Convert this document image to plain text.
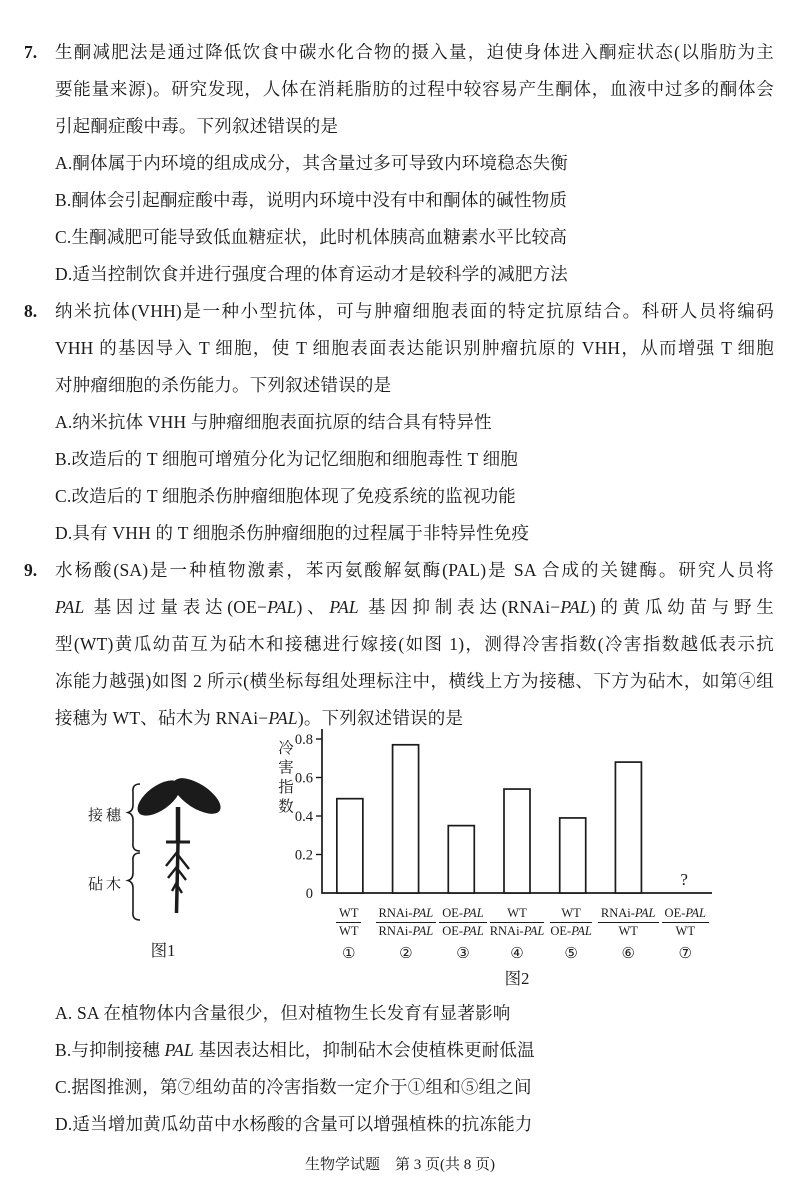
7. 生酮减肥法是通过降低饮食中碳水化合物的摄入量，迫使身体进入酮症状态(以脂肪为主
要能量来源)。研究发现，人体在消耗脂肪的过程中较容易产生酮体，血液中过多的酮体会
引起酮症酸中毒。下列叙述错误的是
A.酮体属于内环境的组成成分，其含量过多可导致内环境稳态失衡
B.酮体会引起酮症酸中毒，说明内环境中没有中和酮体的碱性物质
C.生酮减肥可能导致低血糖症状，此时机体胰高血糖素水平比较高
D.适当控制饮食并进行强度合理的体育运动才是较科学的减肥方法
8. 纳米抗体(VHH)是一种小型抗体，可与肿瘤细胞表面的特定抗原结合。科研人员将编码
VHH 的基因导入 T 细胞，使 T 细胞表面表达能识别肿瘤抗原的 VHH，从而增强 T 细胞
对肿瘤细胞的杀伤能力。下列叙述错误的是
A.纳米抗体 VHH 与肿瘤细胞表面抗原的结合具有特异性
B.改造后的 T 细胞可增殖分化为记忆细胞和细胞毒性 T 细胞
C.改造后的 T 细胞杀伤肿瘤细胞体现了免疫系统的监视功能
D.具有 VHH 的 T 细胞杀伤肿瘤细胞的过程属于非特异性免疫
9. 水杨酸(SA)是一种植物激素，苯丙氨酸解氨酶(PAL)是 SA 合成的关键酶。研究人员将
PAL 基因过量表达(OE−PAL)、PAL 基因抑制表达(RNAi−PAL)的黄瓜幼苗与野生
型(WT)黄瓜幼苗互为砧木和接穗进行嫁接(如图 1)，测得冷害指数(冷害指数越低表示抗
冻能力越强)如图 2 所示(横坐标每组处理标注中，横线上方为接穗、下方为砧木，如第④组
接穗为 WT、砧木为 RNAi−PAL)。下列叙述错误的是
接穗
砧木
图1
0
0.2
0.4
0.6
0.8
冷
害
指
数
?
$\frac{WT}{WT}$
①
$\frac{\text{RNAi-PAL}}{\text{RNAi-PAL}}$
②
$\frac{\text{OE-PAL}}{\text{OE-PAL}}$
③
$\frac{WT}{\text{RNAi-PAL}}$
④
$\frac{WT}{\text{OE-PAL}}$
⑤
$\frac{\text{RNAi-PAL}}{WT}$
⑥
$\frac{\text{OE-PAL}}{WT}$
⑦
图2
A. SA 在植物体内含量很少，但对植物生长发育有显著影响
B.与抑制接穗 PAL 基因表达相比，抑制砧木会使植株更耐低温
C.据图推测，第⑦组幼苗的冷害指数一定介于①组和⑤组之间
D.适当增加黄瓜幼苗中水杨酸的含量可以增强植株的抗冻能力
生物学试题　第 3 页(共 8 页)
